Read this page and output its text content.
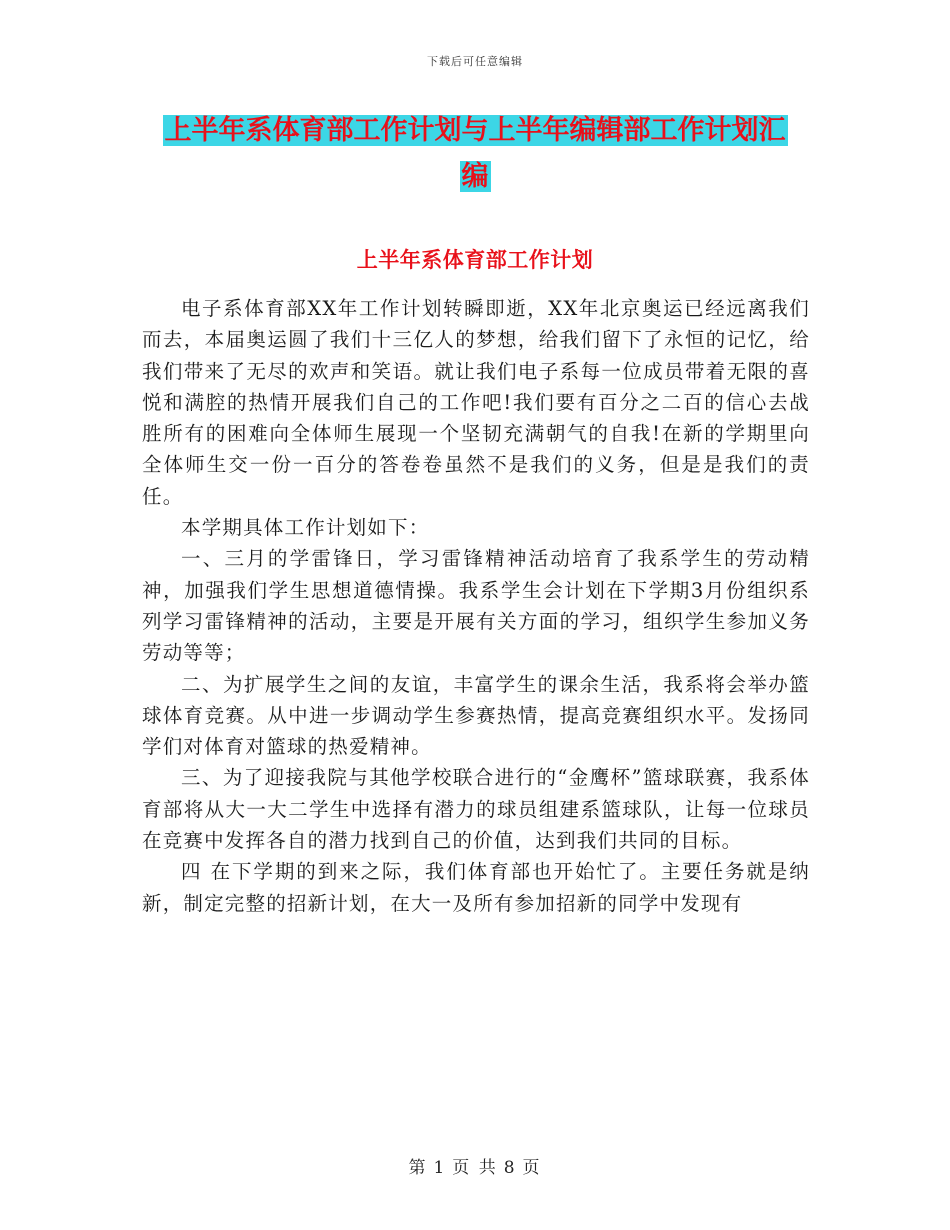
下载后可任意编辑
上半年系体育部工作计划与上半年编辑部工作计划汇
编
上半年系体育部工作计划

电子系体育部XX年工作计划转瞬即逝，XX年北京奥运已经远离我们而去，本届奥运圆了我们十三亿人的梦想，给我们留下了永恒的记忆，给我们带来了无尽的欢声和笑语。就让我们电子系每一位成员带着无限的喜悦和满腔的热情开展我们自己的工作吧!我们要有百分之二百的信心去战胜所有的困难向全体师生展现一个坚韧充满朝气的自我!在新的学期里向全体师生交一份一百分的答卷卷虽然不是我们的义务，但是是我们的责任。

本学期具体工作计划如下：

一、三月的学雷锋日，学习雷锋精神活动培育了我系学生的劳动精神，加强我们学生思想道德情操。我系学生会计划在下学期3月份组织系列学习雷锋精神的活动，主要是开展有关方面的学习，组织学生参加义务劳动等等；

二、为扩展学生之间的友谊，丰富学生的课余生活，我系将会举办篮球体育竞赛。从中进一步调动学生参赛热情，提高竞赛组织水平。发扬同学们对体育对篮球的热爱精神。

三、为了迎接我院与其他学校联合进行的“金鹰杯”篮球联赛，我系体育部将从大一大二学生中选择有潜力的球员组建系篮球队，让每一位球员在竞赛中发挥各自的潜力找到自己的价值，达到我们共同的目标。

四 在下学期的到来之际，我们体育部也开始忙了。主要任务就是纳新，制定完整的招新计划，在大一及所有参加招新的同学中发现有

第 1 页 共 8 页
